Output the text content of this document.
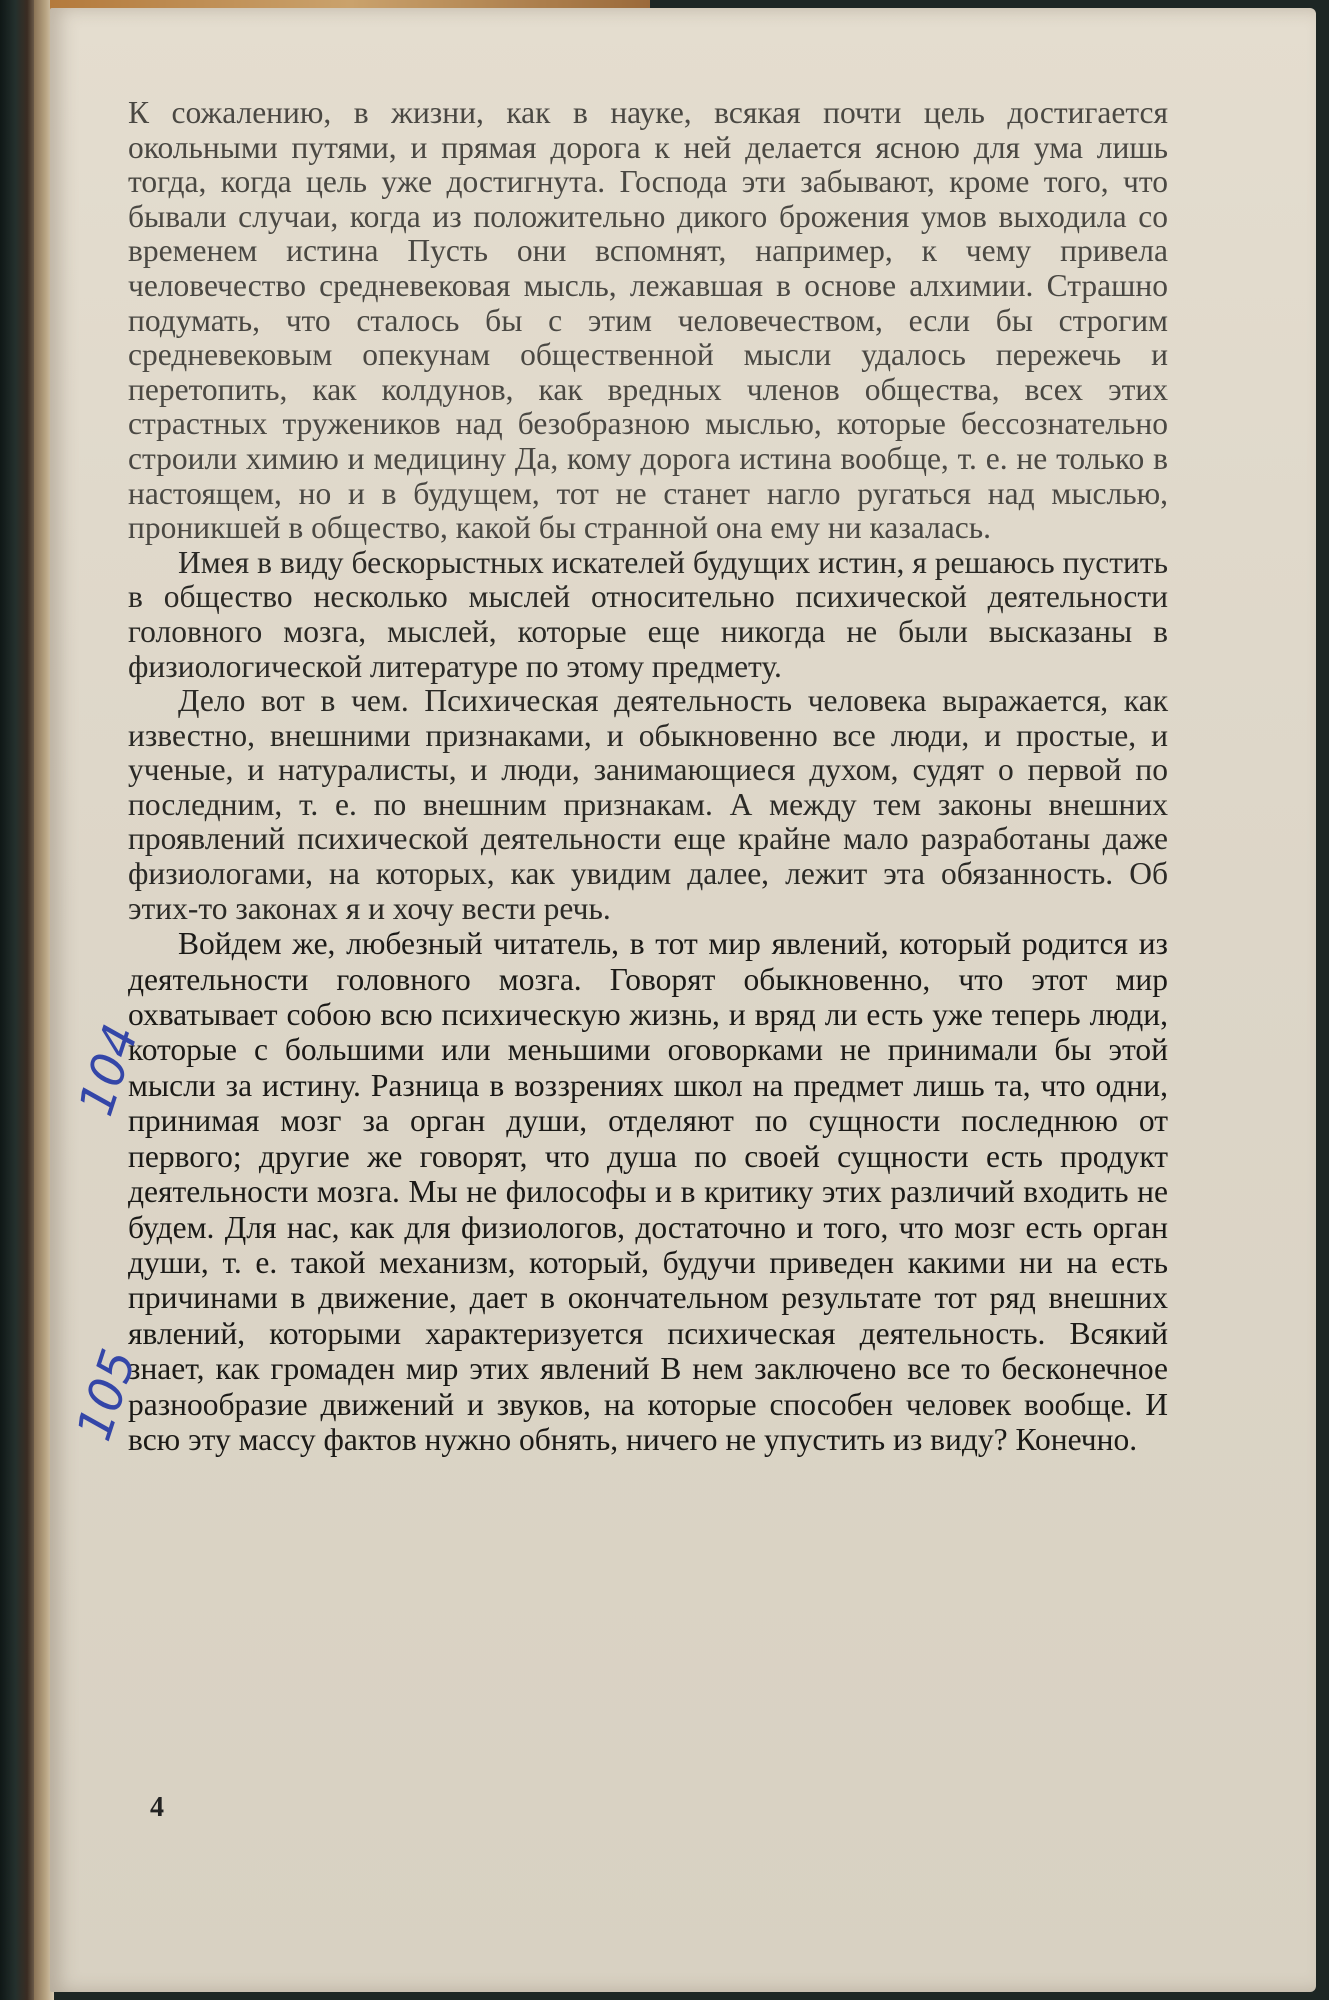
К сожалению, в жизни, как в науке, всякая почти цель достигается окольными путями, и прямая дорога к ней делается ясною для ума лишь тогда, когда цель уже достигнута. Господа эти забывают, кроме того, что бывали случаи, когда из положительно дикого брожения умов выходила со временем истина Пусть они вспомнят, например, к чему привела человечество средневековая мысль, лежавшая в основе алхимии. Страшно подумать, что сталось бы с этим человечеством, если бы строгим средневековым опекунам общественной мысли удалось пережечь и перетопить, как колдунов, как вредных членов общества, всех этих страстных тружеников над безобразною мыслью, которые бессознательно строили химию и медицину Да, кому дорога истина вообще, т. е. не только в настоящем, но и в будущем, тот не станет нагло ругаться над мыслью, проникшей в общество, какой бы странной она ему ни казалась.

Имея в виду бескорыстных искателей будущих истин, я решаюсь пустить в общество несколько мыслей относительно психической деятельности головного мозга, мыслей, которые еще никогда не были высказаны в физиологической литературе по этому предмету.

Дело вот в чем. Психическая деятельность человека выражается, как известно, внешними признаками, и обыкновенно все люди, и простые, и ученые, и натуралисты, и люди, занимающиеся духом, судят о первой по последним, т. е. по внешним признакам. А между тем законы внешних проявлений психической деятельности еще крайне мало разработаны даже физиологами, на которых, как увидим далее, лежит эта обязанность. Об этих-то законах я и хочу вести речь.

Войдем же, любезный читатель, в тот мир явлений, который родится из деятельности головного мозга. Говорят обыкновенно, что этот мир охватывает собою всю психическую жизнь, и вряд ли есть уже теперь люди, которые с большими или меньшими оговорками не принимали бы этой мысли за истину. Разница в воззрениях школ на предмет лишь та, что одни, принимая мозг за орган души, отделяют по сущности последнюю от первого; другие же говорят, что душа по своей сущности есть продукт деятельности мозга. Мы не философы и в критику этих различий входить не будем. Для нас, как для физиологов, достаточно и того, что мозг есть орган души, т. е. такой механизм, который, будучи приведен какими ни на есть причинами в движение, дает в окончательном результате тот ряд внешних явлений, которыми характеризуется психическая деятельность. Всякий знает, как громаден мир этих явлений В нем заключено все то бесконечное разнообразие движений и звуков, на которые способен человек вообще. И всю эту массу фактов нужно обнять, ничего не упустить из виду? Конечно.

104
105
4
